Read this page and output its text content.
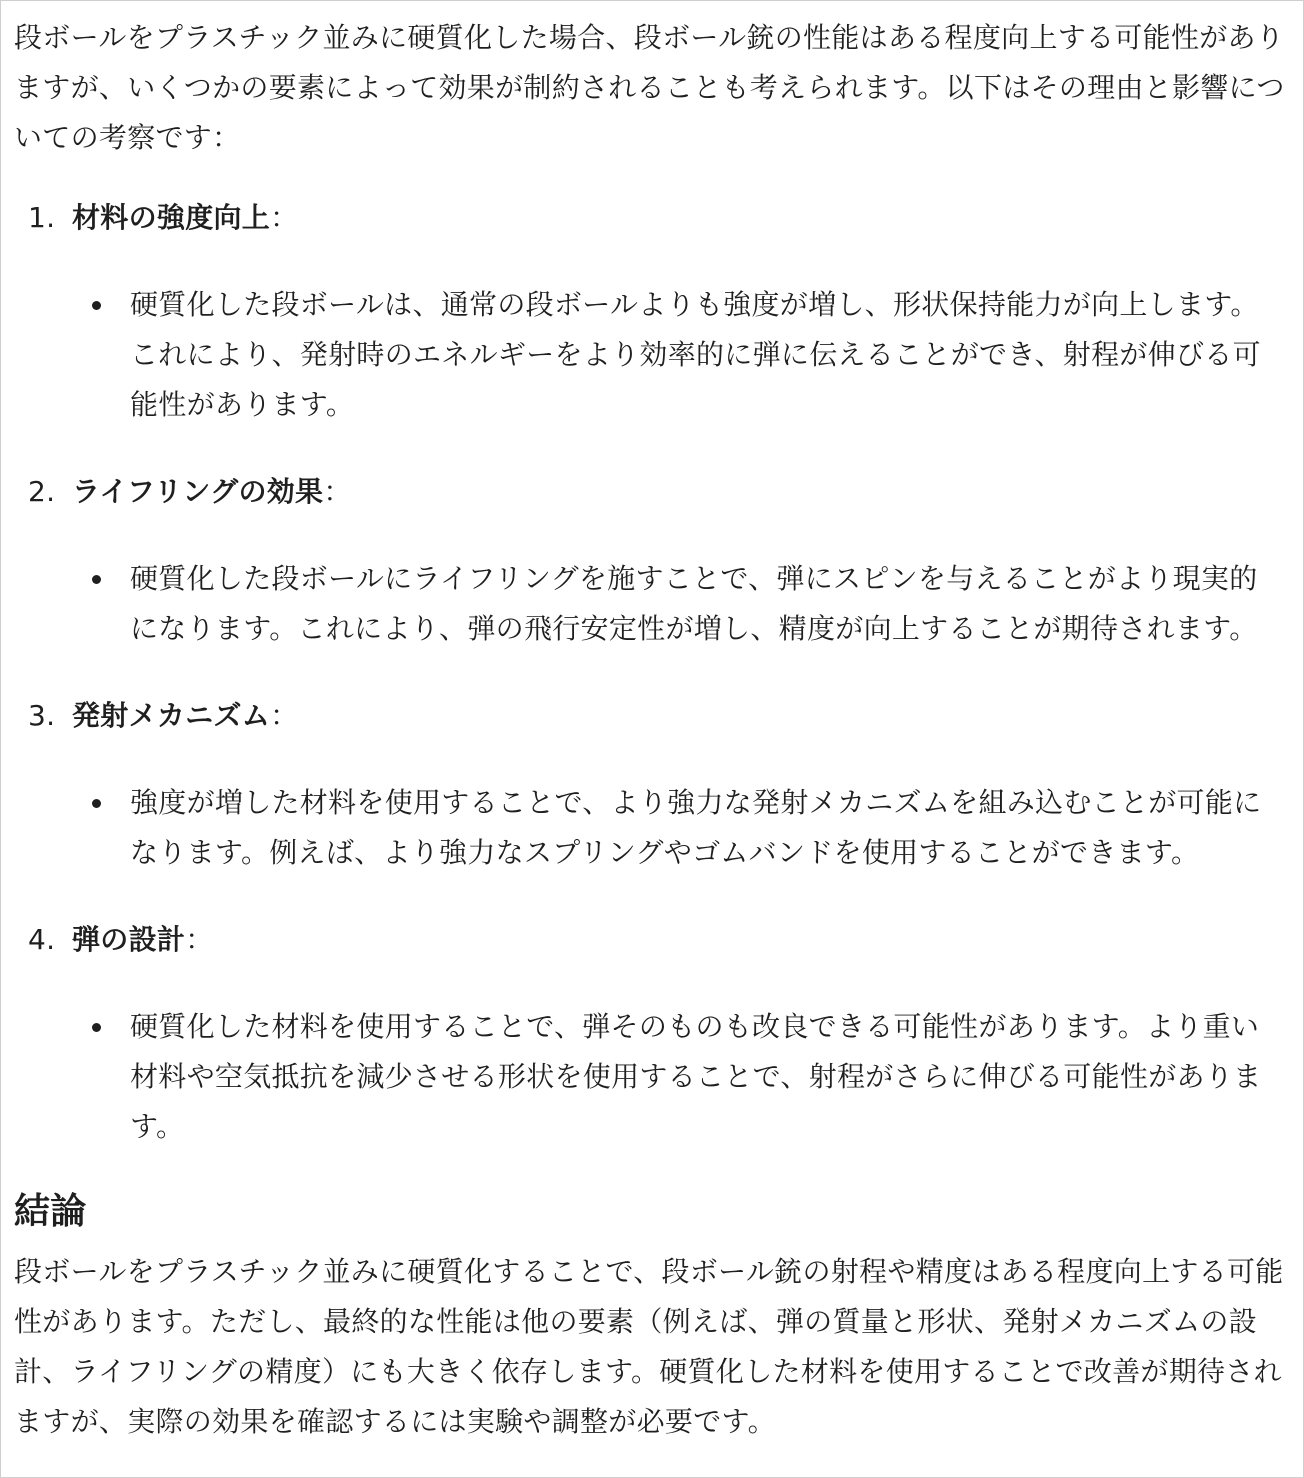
段ボールをプラスチック並みに硬質化した場合、段ボール銃の性能はある程度向上する可能性がありますが、いくつかの要素によって効果が制約されることも考えられます。以下はその理由と影響についての考察です：

1. 材料の強度向上 ：
硬質化した段ボールは、通常の段ボールよりも強度が増し、形状保持能力が向上します。これにより、発射時のエネルギーをより効率的に弾に伝えることができ、射程が伸びる可能性があります。
2. ライフリングの効果 ：
硬質化した段ボールにライフリングを施すことで、弾にスピンを与えることがより現実的になります。これにより、弾の飛行安定性が増し、精度が向上することが期待されます。
3. 発射メカニズム ：
強度が増した材料を使用することで、より強力な発射メカニズムを組み込むことが可能になります。例えば、より強力なスプリングやゴムバンドを使用することができます。
4. 弾の設計 ：
硬質化した材料を使用することで、弾そのものも改良できる可能性があります。より重い材料や空気抵抗を減少させる形状を使用することで、射程がさらに伸びる可能性があります。
結論

段ボールをプラスチック並みに硬質化することで、段ボール銃の射程や精度はある程度向上する可能性があります。ただし、最終的な性能は他の要素（例えば、弾の質量と形状、発射メカニズムの設計、ライフリングの精度）にも大きく依存します。硬質化した材料を使用することで改善が期待されますが、実際の効果を確認するには実験や調整が必要です。
